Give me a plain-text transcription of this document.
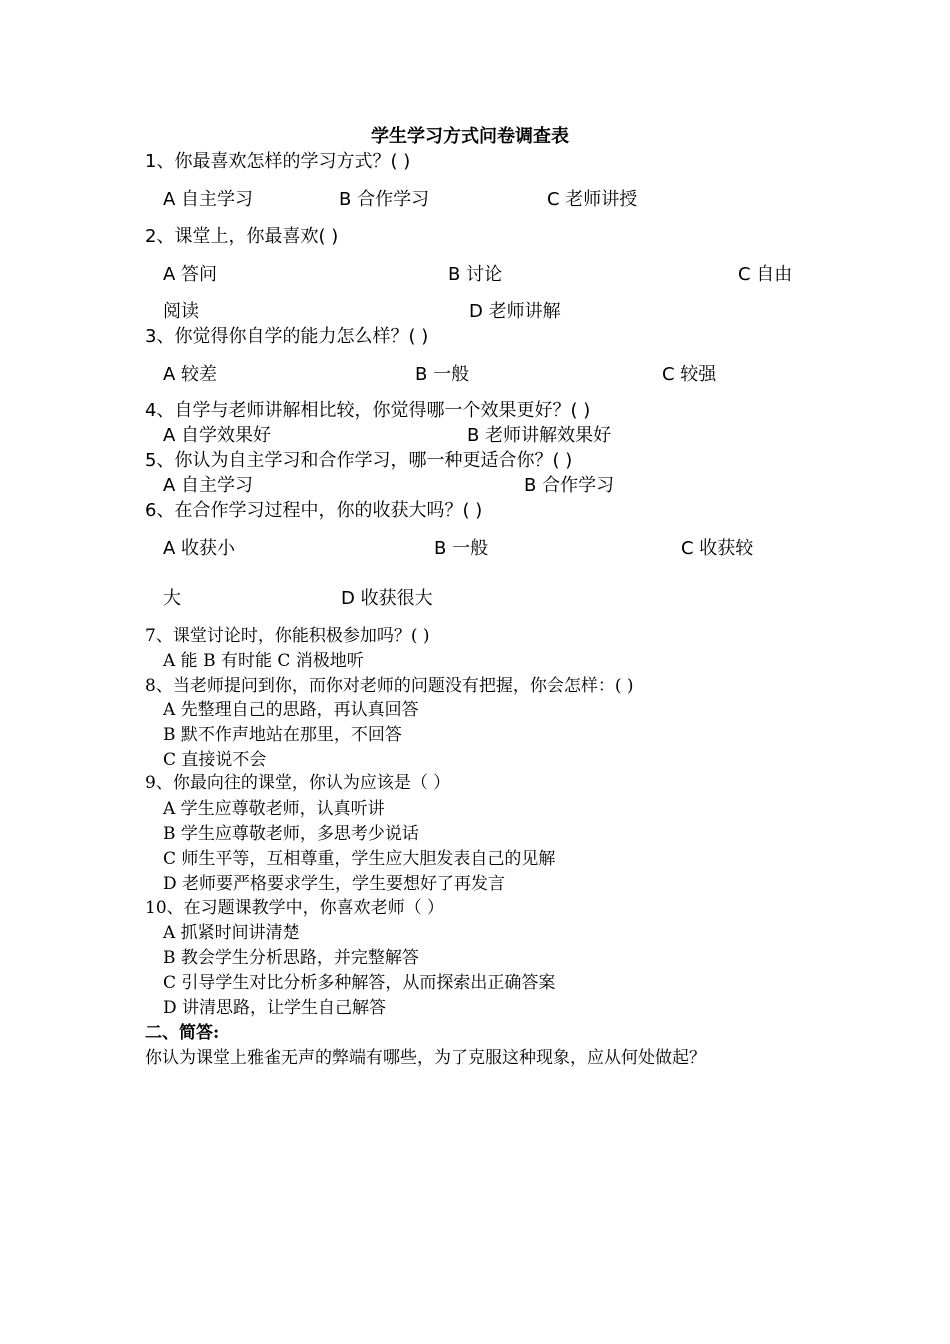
学生学习方式问卷调查表
1、你最喜欢怎样的学习方式？( )
A 自主学习	B 合作学习	C 老师讲授
2、课堂上，你最喜欢( )
A 答问	B 讨论	C 自由
阅读	D 老师讲解
3、你觉得你自学的能力怎么样？( )
A 较差	B 一般	C 较强
4、自学与老师讲解相比较，你觉得哪一个效果更好？( )
A 自学效果好	B 老师讲解效果好
5、你认为自主学习和合作学习，哪一种更适合你？( )
A 自主学习	B 合作学习
6、在合作学习过程中，你的收获大吗？( )
A 收获小	B 一般	C 收获较
大	D 收获很大
7、课堂讨论时，你能积极参加吗？( )
A 能 B 有时能 C 消极地听
8、当老师提问到你，而你对老师的问题没有把握，你会怎样：( )
A 先整理自己的思路，再认真回答
B 默不作声地站在那里，不回答
C 直接说不会
9、你最向往的课堂，你认为应该是（ ）
A 学生应尊敬老师，认真听讲
B 学生应尊敬老师，多思考少说话
C 师生平等，互相尊重，学生应大胆发表自己的见解
D 老师要严格要求学生，学生要想好了再发言
10、在习题课教学中，你喜欢老师（ ）
A 抓紧时间讲清楚
B 教会学生分析思路，并完整解答
C 引导学生对比分析多种解答，从而探索出正确答案
D 讲清思路，让学生自己解答
二、简答:
你认为课堂上雅雀无声的弊端有哪些，为了克服这种现象，应从何处做起？
